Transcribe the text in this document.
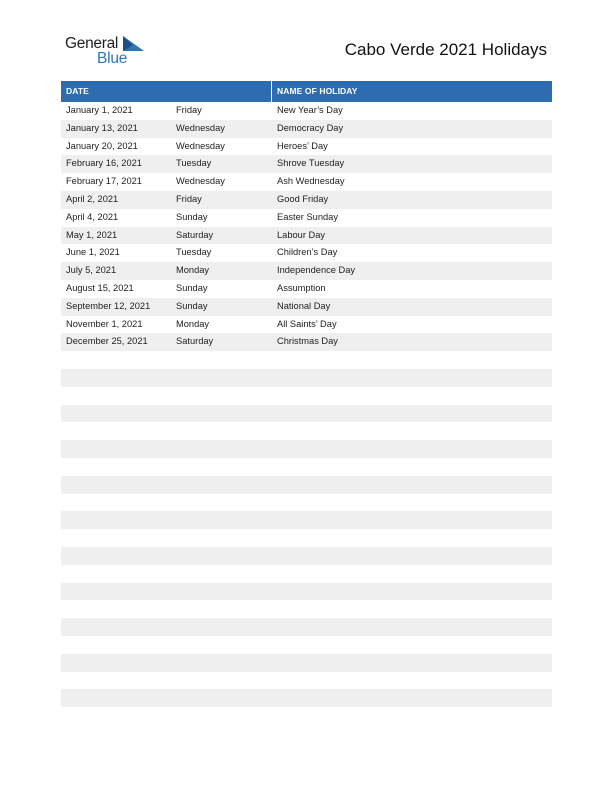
General
Blue	Cabo Verde 2021 Holidays
DATE	NAME OF HOLIDAY
January 1, 2021	Friday	New Year’s Day
January 13, 2021	Wednesday	Democracy Day
January 20, 2021	Wednesday	Heroes’ Day
February 16, 2021	Tuesday	Shrove Tuesday
February 17, 2021	Wednesday	Ash Wednesday
April 2, 2021	Friday	Good Friday
April 4, 2021	Sunday	Easter Sunday
May 1, 2021	Saturday	Labour Day
June 1, 2021	Tuesday	Children’s Day
July 5, 2021	Monday	Independence Day
August 15, 2021	Sunday	Assumption
September 12, 2021	Sunday	National Day
November 1, 2021	Monday	All Saints’ Day
December 25, 2021	Saturday	Christmas Day
